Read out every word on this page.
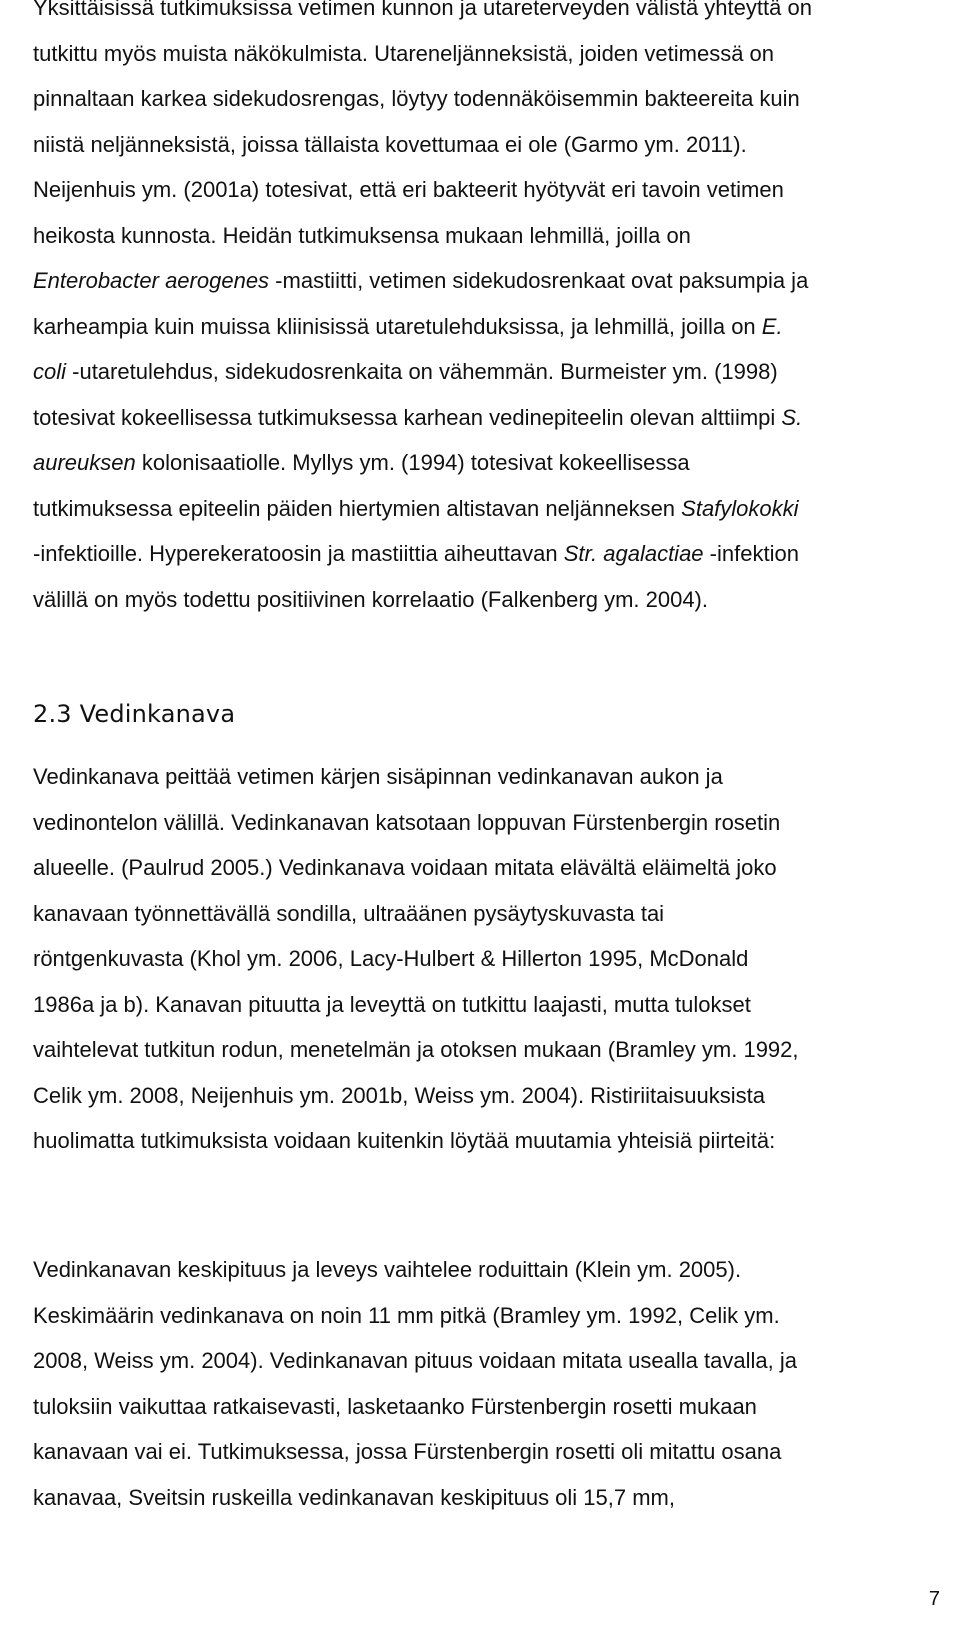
Yksittäisissä tutkimuksissa vetimen kunnon ja utareterveyden välistä yhteyttä on
tutkittu myös muista näkökulmista. Utareneljänneksistä, joiden vetimessä on
pinnaltaan karkea sidekudosrengas, löytyy todennäköisemmin bakteereita kuin
niistä neljänneksistä, joissa tällaista kovettumaa ei ole (Garmo ym. 2011).
Neijenhuis ym. (2001a) totesivat, että eri bakteerit hyötyvät eri tavoin vetimen
heikosta kunnosta. Heidän tutkimuksensa mukaan lehmillä, joilla on
Enterobacter aerogenes -mastiitti, vetimen sidekudosrenkaat ovat paksumpia ja
karheampia kuin muissa kliinisissä utaretulehduksissa, ja lehmillä, joilla on E.
coli -utaretulehdus, sidekudosrenkaita on vähemmän. Burmeister ym. (1998)
totesivat kokeellisessa tutkimuksessa karhean vedinepiteelin olevan alttiimpi S.
aureuksen kolonisaatiolle. Myllys ym. (1994) totesivat kokeellisessa
tutkimuksessa epiteelin päiden hiertymien altistavan neljänneksen Stafylokokki
-infektioille. Hyperekeratoosin ja mastiittia aiheuttavan Str. agalactiae -infektion
välillä on myös todettu positiivinen korrelaatio (Falkenberg ym. 2004).

2.3 Vedinkanava

Vedinkanava peittää vetimen kärjen sisäpinnan vedinkanavan aukon ja
vedinontelon välillä. Vedinkanavan katsotaan loppuvan Fürstenbergin rosetin
alueelle. (Paulrud 2005.) Vedinkanava voidaan mitata elävältä eläimeltä joko
kanavaan työnnettävällä sondilla, ultraäänen pysäytyskuvasta tai
röntgenkuvasta (Khol ym. 2006, Lacy-Hulbert & Hillerton 1995, McDonald
1986a ja b). Kanavan pituutta ja leveyttä on tutkittu laajasti, mutta tulokset
vaihtelevat tutkitun rodun, menetelmän ja otoksen mukaan (Bramley ym. 1992,
Celik ym. 2008, Neijenhuis ym. 2001b, Weiss ym. 2004). Ristiriitaisuuksista
huolimatta tutkimuksista voidaan kuitenkin löytää muutamia yhteisiä piirteitä:

Vedinkanavan keskipituus ja leveys vaihtelee roduittain (Klein ym. 2005).
Keskimäärin vedinkanava on noin 11 mm pitkä (Bramley ym. 1992, Celik ym.
2008, Weiss ym. 2004). Vedinkanavan pituus voidaan mitata usealla tavalla, ja
tuloksiin vaikuttaa ratkaisevasti, lasketaanko Fürstenbergin rosetti mukaan
kanavaan vai ei. Tutkimuksessa, jossa Fürstenbergin rosetti oli mitattu osana
kanavaa, Sveitsin ruskeilla vedinkanavan keskipituus oli 15,7 mm,

7
